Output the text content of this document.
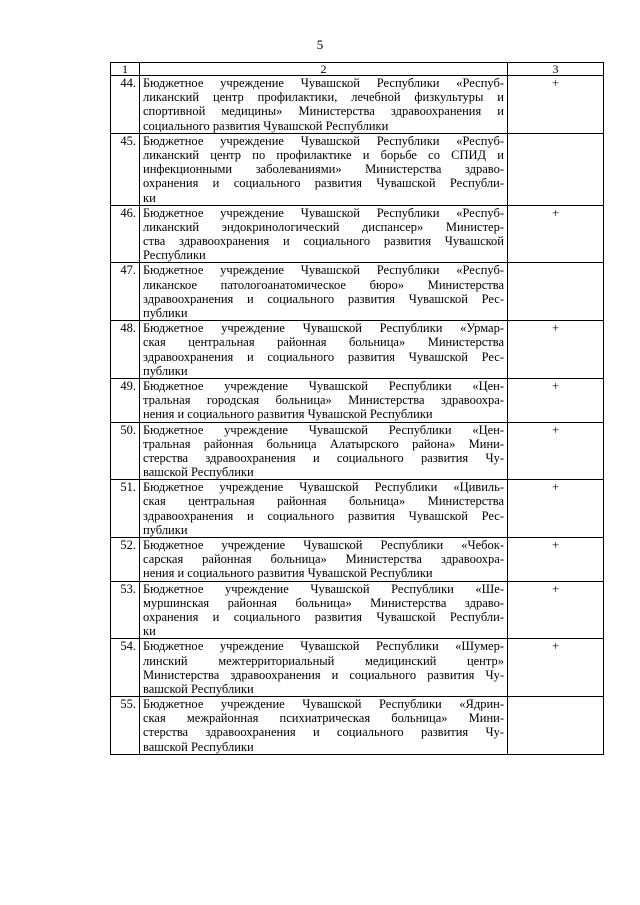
5
1	2	3
44.	Бюджетное учреждение Чувашской Республики «Респуб-
ликанский центр профилактики, лечебной физкультуры и
спортивной медицины» Министерства здравоохранения и
социального развития Чувашской Республики	+
45.	Бюджетное учреждение Чувашской Республики «Респуб-
ликанский центр по профилактике и борьбе со СПИД и
инфекционными заболеваниями» Министерства здраво-
охранения и социального развития Чувашской Республи-
ки	

46.	Бюджетное учреждение Чувашской Республики «Респуб-
ликанский эндокринологический диспансер» Министер-
ства здравоохранения и социального развития Чувашской
Республики	+
47.	Бюджетное учреждение Чувашской Республики «Респуб-
ликанское патологоанатомическое бюро» Министерства
здравоохранения и социального развития Чувашской Рес-
публики	

48.	Бюджетное учреждение Чувашской Республики «Урмар-
ская центральная районная больница» Министерства
здравоохранения и социального развития Чувашской Рес-
публики	+
49.	Бюджетное учреждение Чувашской Республики «Цен-
тральная городская больница» Министерства здравоохра-
нения и социального развития Чувашской Республики	+
50.	Бюджетное учреждение Чувашской Республики «Цен-
тральная районная больница Алатырского района» Мини-
стерства здравоохранения и социального развития Чу-
вашской Республики	+
51.	Бюджетное учреждение Чувашской Республики «Цивиль-
ская центральная районная больница» Министерства
здравоохранения и социального развития Чувашской Рес-
публики	+
52.	Бюджетное учреждение Чувашской Республики «Чебок-
сарская районная больница» Министерства здравоохра-
нения и социального развития Чувашской Республики	+
53.	Бюджетное учреждение Чувашской Республики «Ше-
муршинская районная больница» Министерства здраво-
охранения и социального развития Чувашской Республи-
ки	+
54.	Бюджетное учреждение Чувашской Республики «Шумер-
линский межтерриториальный медицинский центр»
Министерства здравоохранения и социального развития Чу-
вашской Республики	+
55.	Бюджетное учреждение Чувашской Республики «Ядрин-
ская межрайонная психиатрическая больница» Мини-
стерства здравоохранения и социального развития Чу-
вашской Республики	
